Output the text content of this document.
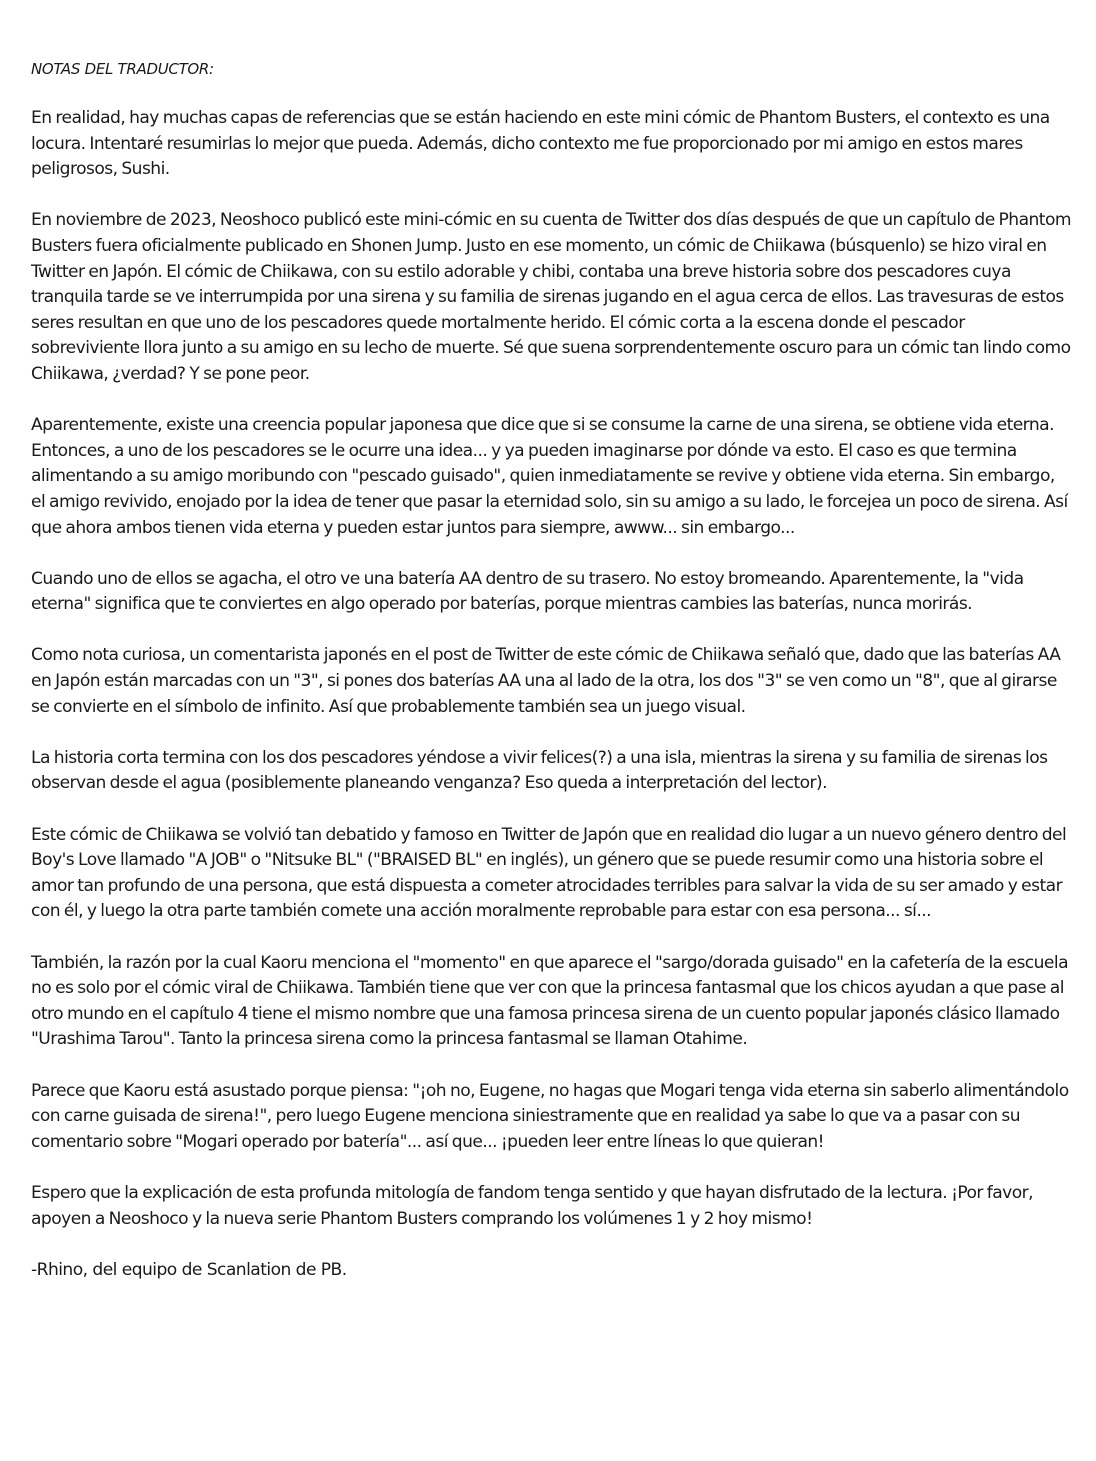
NOTAS DEL TRADUCTOR:

En realidad, hay muchas capas de referencias que se están haciendo en este mini cómic de Phantom Busters, el contexto es una locura. Intentaré resumirlas lo mejor que pueda. Además, dicho contexto me fue proporcionado por mi amigo en estos mares peligrosos, Sushi.

En noviembre de 2023, Neoshoco publicó este mini-cómic en su cuenta de Twitter dos días después de que un capítulo de Phantom Busters fuera oficialmente publicado en Shonen Jump. Justo en ese momento, un cómic de Chiikawa (búsquenlo) se hizo viral en Twitter en Japón. El cómic de Chiikawa, con su estilo adorable y chibi, contaba una breve historia sobre dos pescadores cuya tranquila tarde se ve interrumpida por una sirena y su familia de sirenas jugando en el agua cerca de ellos. Las travesuras de estos seres resultan en que uno de los pescadores quede mortalmente herido. El cómic corta a la escena donde el pescador sobreviviente llora junto a su amigo en su lecho de muerte. Sé que suena sorprendentemente oscuro para un cómic tan lindo como Chiikawa, ¿verdad? Y se pone peor.

Aparentemente, existe una creencia popular japonesa que dice que si se consume la carne de una sirena, se obtiene vida eterna. Entonces, a uno de los pescadores se le ocurre una idea... y ya pueden imaginarse por dónde va esto. El caso es que termina alimentando a su amigo moribundo con "pescado guisado", quien inmediatamente se revive y obtiene vida eterna. Sin embargo, el amigo revivido, enojado por la idea de tener que pasar la eternidad solo, sin su amigo a su lado, le forcejea un poco de sirena. Así que ahora ambos tienen vida eterna y pueden estar juntos para siempre, awww... sin embargo...

Cuando uno de ellos se agacha, el otro ve una batería AA dentro de su trasero. No estoy bromeando. Aparentemente, la "vida eterna" significa que te conviertes en algo operado por baterías, porque mientras cambies las baterías, nunca morirás.

Como nota curiosa, un comentarista japonés en el post de Twitter de este cómic de Chiikawa señaló que, dado que las baterías AA en Japón están marcadas con un "3", si pones dos baterías AA una al lado de la otra, los dos "3" se ven como un "8", que al girarse se convierte en el símbolo de infinito. Así que probablemente también sea un juego visual.

La historia corta termina con los dos pescadores yéndose a vivir felices(?) a una isla, mientras la sirena y su familia de sirenas los observan desde el agua (posiblemente planeando venganza? Eso queda a interpretación del lector).

Este cómic de Chiikawa se volvió tan debatido y famoso en Twitter de Japón que en realidad dio lugar a un nuevo género dentro del Boy's Love llamado "A JOB" o "Nitsuke BL" ("BRAISED BL" en inglés), un género que se puede resumir como una historia sobre el amor tan profundo de una persona, que está dispuesta a cometer atrocidades terribles para salvar la vida de su ser amado y estar con él, y luego la otra parte también comete una acción moralmente reprobable para estar con esa persona... sí...

También, la razón por la cual Kaoru menciona el "momento" en que aparece el "sargo/dorada guisado" en la cafetería de la escuela no es solo por el cómic viral de Chiikawa. También tiene que ver con que la princesa fantasmal que los chicos ayudan a que pase al otro mundo en el capítulo 4 tiene el mismo nombre que una famosa princesa sirena de un cuento popular japonés clásico llamado "Urashima Tarou". Tanto la princesa sirena como la princesa fantasmal se llaman Otahime.

Parece que Kaoru está asustado porque piensa: "¡oh no, Eugene, no hagas que Mogari tenga vida eterna sin saberlo alimentándolo con carne guisada de sirena!", pero luego Eugene menciona siniestramente que en realidad ya sabe lo que va a pasar con su comentario sobre "Mogari operado por batería"... así que... ¡pueden leer entre líneas lo que quieran!

Espero que la explicación de esta profunda mitología de fandom tenga sentido y que hayan disfrutado de la lectura. ¡Por favor, apoyen a Neoshoco y la nueva serie Phantom Busters comprando los volúmenes 1 y 2 hoy mismo!

-Rhino, del equipo de Scanlation de PB.
